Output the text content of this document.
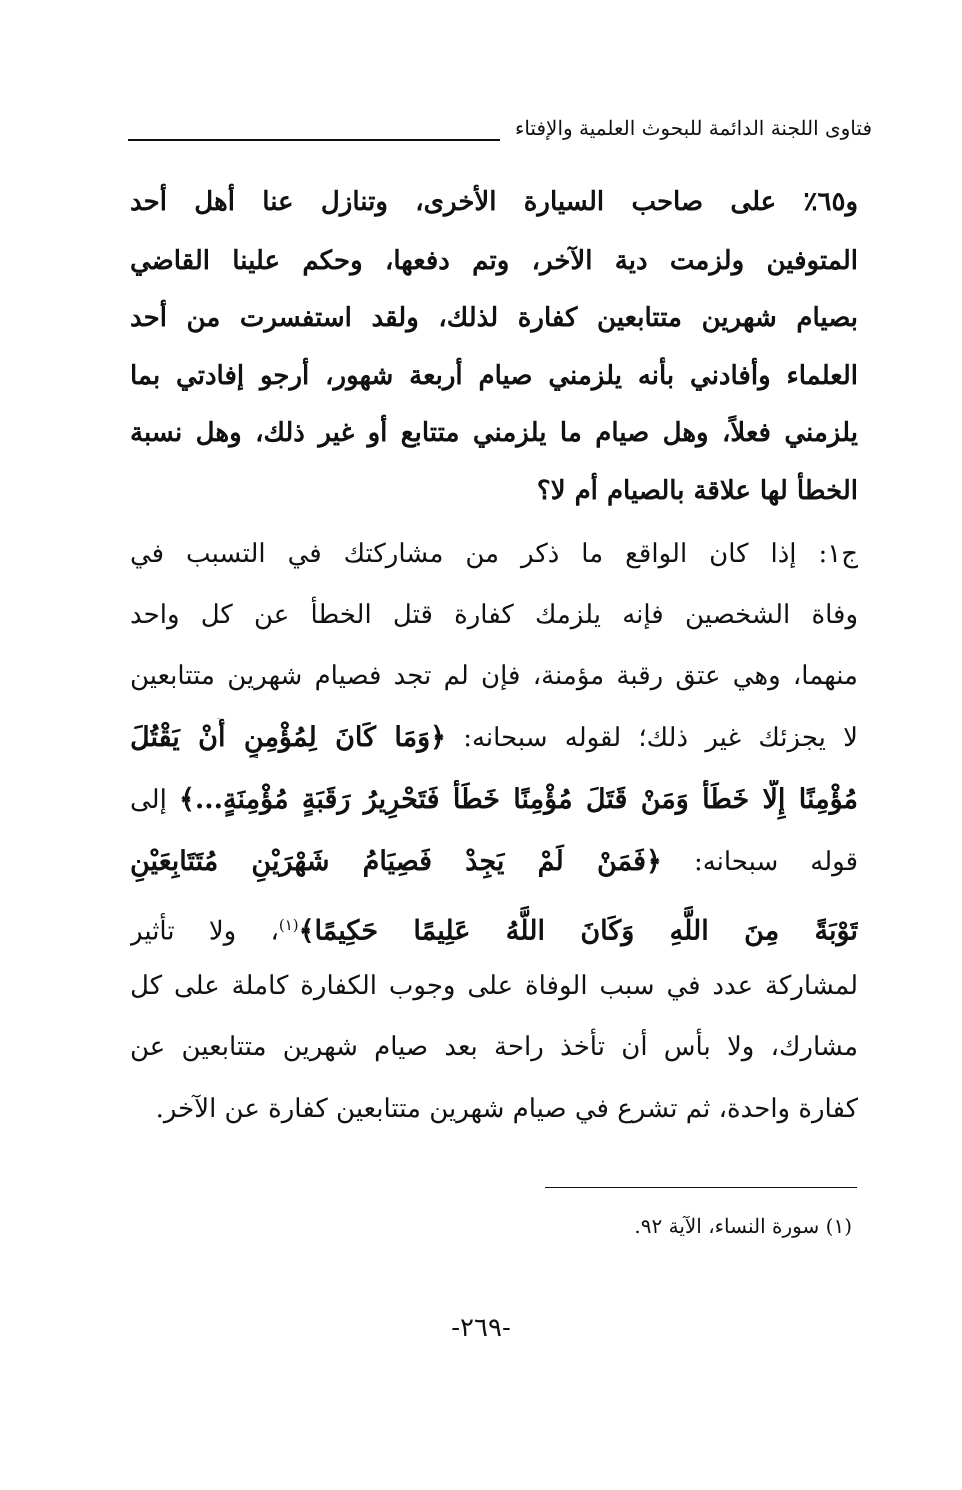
فتاوى اللجنة الدائمة للبحوث العلمية والإفتاء
و٦٥٪ على صاحب السيارة الأخرى، وتنازل عنا أهل أحد
المتوفين ولزمت دية الآخر، وتم دفعها، وحكم علينا القاضي
بصيام شهرين متتابعين كفارة لذلك، ولقد استفسرت من أحد
العلماء وأفادني بأنه يلزمني صيام أربعة شهور، أرجو إفادتي بما
يلزمني فعلاً، وهل صيام ما يلزمني متتابع أو غير ذلك، وهل نسبة
الخطأ لها علاقة بالصيام أم لا؟
ج١: إذا كان الواقع ما ذكر من مشاركتك في التسبب في
وفاة الشخصين فإنه يلزمك كفارة قتل الخطأ عن كل واحد
منهما، وهي عتق رقبة مؤمنة، فإن لم تجد فصيام شهرين متتابعين
لا يجزئك غير ذلك؛ لقوله سبحانه: ﴿وَمَا كَانَ لِمُؤْمِنٍ أَنْ يَقْتُلَ
مُؤْمِنًا إِلَّا خَطَأً وَمَنْ قَتَلَ مُؤْمِنًا خَطَأً فَتَحْرِيرُ رَقَبَةٍ مُؤْمِنَةٍ...﴾ إلى
قوله سبحانه: ﴿فَمَنْ لَمْ يَجِدْ فَصِيَامُ شَهْرَيْنِ مُتَتَابِعَيْنِ
تَوْبَةً مِنَ اللَّهِ وَكَانَ اللَّهُ عَلِيمًا حَكِيمًا﴾$^{(١)}$، ولا تأثير
لمشاركة عدد في سبب الوفاة على وجوب الكفارة كاملة على كل
مشارك، ولا بأس أن تأخذ راحة بعد صيام شهرين متتابعين عن
كفارة واحدة، ثم تشرع في صيام شهرين متتابعين كفارة عن الآخر.
(١) سورة النساء، الآية ٩٢.
-٢٦٩-
